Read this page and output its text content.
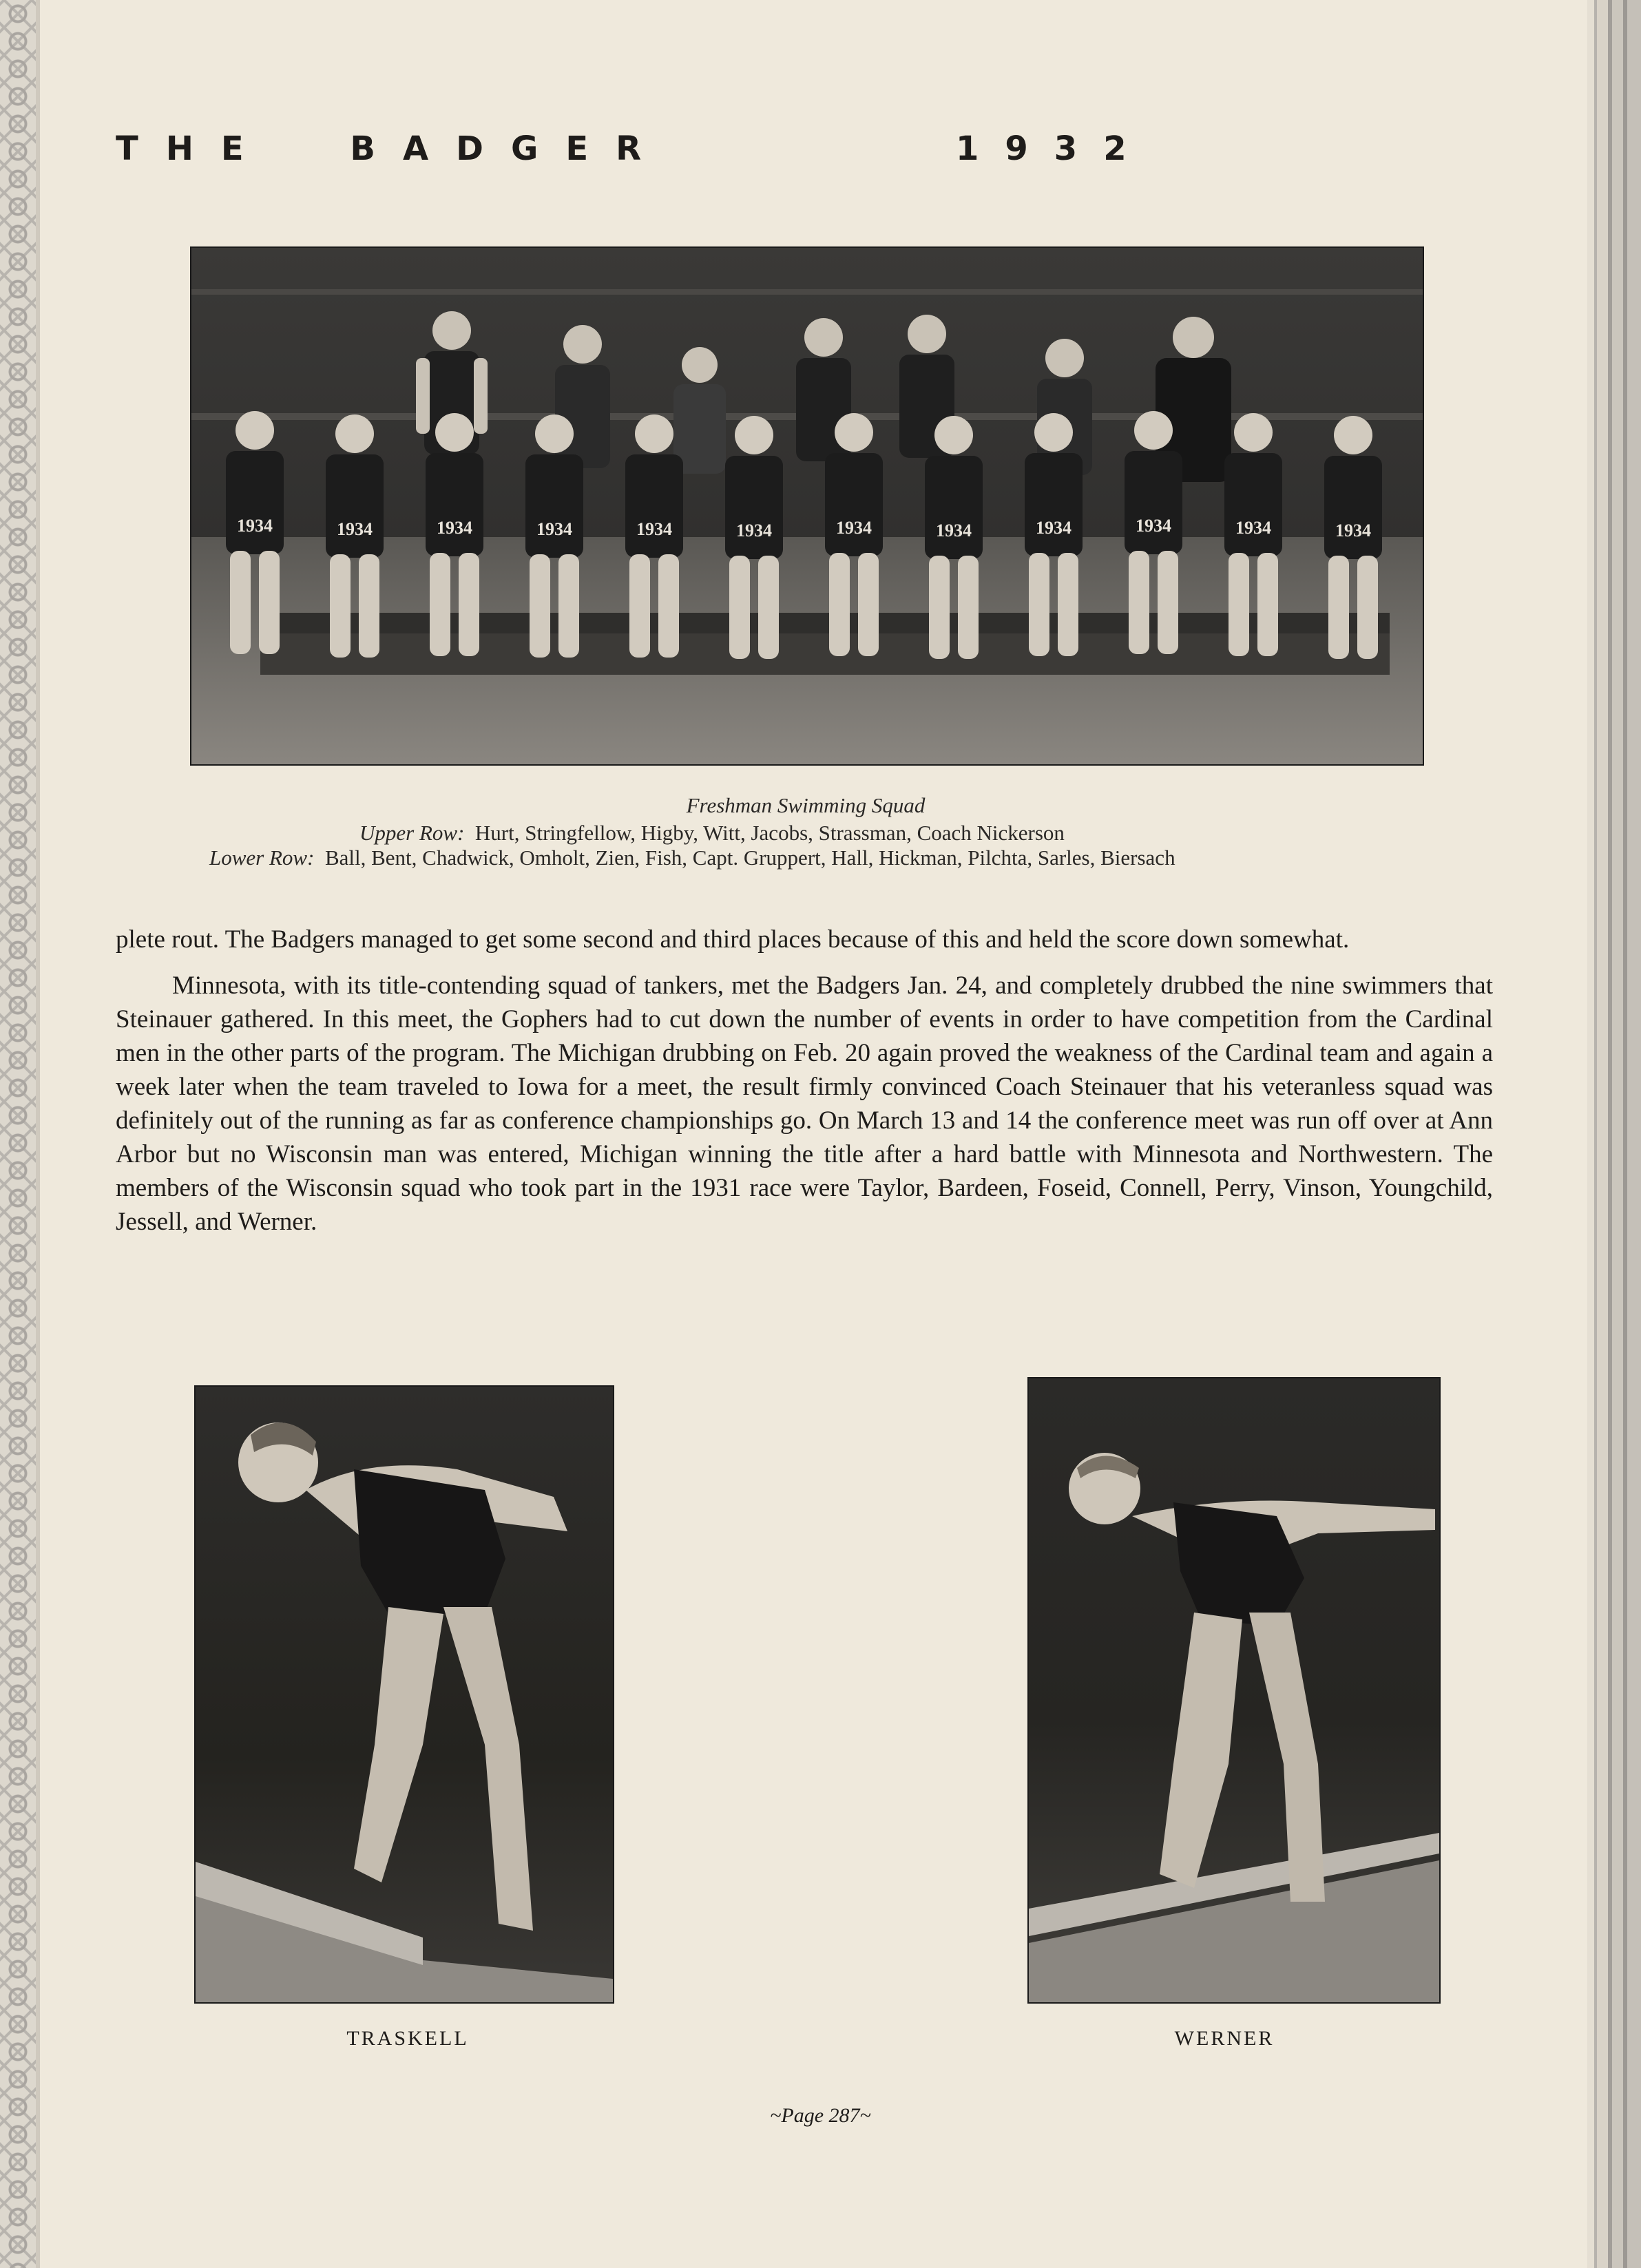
THE BADGER	1932
1934	1934	1934	1934	1934	1934	1934	1934	1934	1934	1934	1934
Freshman Swimming Squad
Upper Row: Hurt, Stringfellow, Higby, Witt, Jacobs, Strassman, Coach Nickerson
Lower Row: Ball, Bent, Chadwick, Omholt, Zien, Fish, Capt. Gruppert, Hall, Hickman, Pilchta, Sarles, Biersach

plete rout. The Badgers managed to get some second and third places because of this and held the score down somewhat.

Minnesota, with its title-contending squad of tankers, met the Badgers Jan. 24, and completely drubbed the nine swimmers that Steinauer gathered. In this meet, the Gophers had to cut down the number of events in order to have competition from the Cardinal men in the other parts of the program. The Michigan drubbing on Feb. 20 again proved the weakness of the Cardinal team and again a week later when the team traveled to Iowa for a meet, the result firmly convinced Coach Steinauer that his veteranless squad was definitely out of the running as far as conference championships go. On March 13 and 14 the conference meet was run off over at Ann Arbor but no Wisconsin man was entered, Michigan winning the title after a hard battle with Minnesota and Northwestern. The members of the Wisconsin squad who took part in the 1931 race were Taylor, Bardeen, Foseid, Connell, Perry, Vinson, Youngchild, Jessell, and Werner.

TRASKELL	WERNER
~Page 287~
